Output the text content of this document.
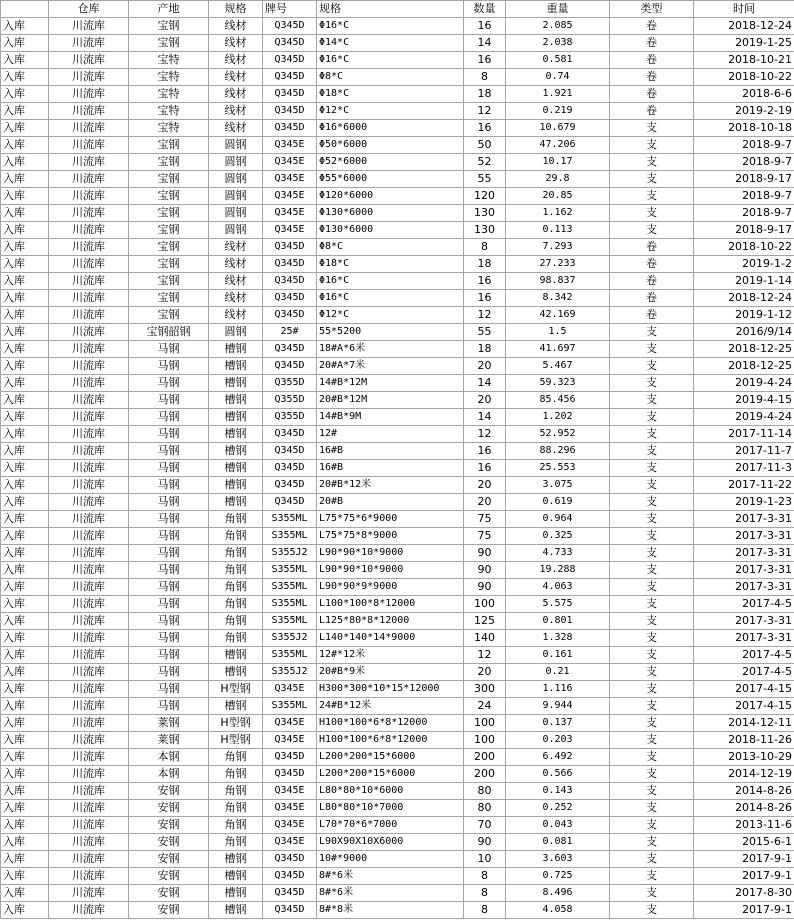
	仓库	产地	规格	牌号	规格	数量	重量	类型	时间
入库	川流库	宝钢	线材	Q345D	Φ16*C	16	2.085	卷	2018-12-24
入库	川流库	宝钢	线材	Q345D	Φ14*C	14	2.038	卷	2019-1-25
入库	川流库	宝特	线材	Q345D	Φ16*C	16	0.581	卷	2018-10-21
入库	川流库	宝特	线材	Q345D	Φ8*C	8	0.74	卷	2018-10-22
入库	川流库	宝特	线材	Q345D	Φ18*C	18	1.921	卷	2018-6-6
入库	川流库	宝特	线材	Q345D	Φ12*C	12	0.219	卷	2019-2-19
入库	川流库	宝特	线材	Q345D	Φ16*6000	16	10.679	支	2018-10-18
入库	川流库	宝钢	圆钢	Q345E	Φ50*6000	50	47.206	支	2018-9-7
入库	川流库	宝钢	圆钢	Q345E	Φ52*6000	52	10.17	支	2018-9-7
入库	川流库	宝钢	圆钢	Q345E	Φ55*6000	55	29.8	支	2018-9-17
入库	川流库	宝钢	圆钢	Q345E	Φ120*6000	120	20.85	支	2018-9-7
入库	川流库	宝钢	圆钢	Q345E	Φ130*6000	130	1.162	支	2018-9-7
入库	川流库	宝钢	圆钢	Q345E	Φ130*6000	130	0.113	支	2018-9-17
入库	川流库	宝钢	线材	Q345D	Φ8*C	8	7.293	卷	2018-10-22
入库	川流库	宝钢	线材	Q345D	Φ18*C	18	27.233	卷	2019-1-2
入库	川流库	宝钢	线材	Q345D	Φ16*C	16	98.837	卷	2019-1-14
入库	川流库	宝钢	线材	Q345D	Φ16*C	16	8.342	卷	2018-12-24
入库	川流库	宝钢	线材	Q345D	Φ12*C	12	42.169	卷	2019-1-12
入库	川流库	宝钢韶钢	圆钢	25#	55*5200	55	1.5	支	2016/9/14
入库	川流库	马钢	槽钢	Q345D	18#A*6米	18	41.697	支	2018-12-25
入库	川流库	马钢	槽钢	Q345D	20#A*7米	20	5.467	支	2018-12-25
入库	川流库	马钢	槽钢	Q355D	14#B*12M	14	59.323	支	2019-4-24
入库	川流库	马钢	槽钢	Q355D	20#B*12M	20	85.456	支	2019-4-15
入库	川流库	马钢	槽钢	Q355D	14#B*9M	14	1.202	支	2019-4-24
入库	川流库	马钢	槽钢	Q345D	12#	12	52.952	支	2017-11-14
入库	川流库	马钢	槽钢	Q345D	16#B	16	88.296	支	2017-11-7
入库	川流库	马钢	槽钢	Q345D	16#B	16	25.553	支	2017-11-3
入库	川流库	马钢	槽钢	Q345D	20#B*12米	20	3.075	支	2017-11-22
入库	川流库	马钢	槽钢	Q345D	20#B	20	0.619	支	2019-1-23
入库	川流库	马钢	角钢	S355ML	L75*75*6*9000	75	0.964	支	2017-3-31
入库	川流库	马钢	角钢	S355ML	L75*75*8*9000	75	0.325	支	2017-3-31
入库	川流库	马钢	角钢	S355J2	L90*90*10*9000	90	4.733	支	2017-3-31
入库	川流库	马钢	角钢	S355ML	L90*90*10*9000	90	19.288	支	2017-3-31
入库	川流库	马钢	角钢	S355ML	L90*90*9*9000	90	4.063	支	2017-3-31
入库	川流库	马钢	角钢	S355ML	L100*100*8*12000	100	5.575	支	2017-4-5
入库	川流库	马钢	角钢	S355ML	L125*80*8*12000	125	0.801	支	2017-3-31
入库	川流库	马钢	角钢	S355J2	L140*140*14*9000	140	1.328	支	2017-3-31
入库	川流库	马钢	槽钢	S355ML	12#*12米	12	0.161	支	2017-4-5
入库	川流库	马钢	槽钢	S355J2	20#B*9米	20	0.21	支	2017-4-5
入库	川流库	马钢	H型钢	Q345E	H300*300*10*15*12000	300	1.116	支	2017-4-15
入库	川流库	马钢	槽钢	S355ML	24#B*12米	24	9.944	支	2017-4-15
入库	川流库	莱钢	H型钢	Q345E	H100*100*6*8*12000	100	0.137	支	2014-12-11
入库	川流库	莱钢	H型钢	Q345E	H100*100*6*8*12000	100	0.203	支	2018-11-26
入库	川流库	本钢	角钢	Q345D	L200*200*15*6000	200	6.492	支	2013-10-29
入库	川流库	本钢	角钢	Q345D	L200*200*15*6000	200	0.566	支	2014-12-19
入库	川流库	安钢	角钢	Q345E	L80*80*10*6000	80	0.143	支	2014-8-26
入库	川流库	安钢	角钢	Q345E	L80*80*10*7000	80	0.252	支	2014-8-26
入库	川流库	安钢	角钢	Q345E	L70*70*6*7000	70	0.043	支	2013-11-6
入库	川流库	安钢	角钢	Q345E	L90X90X10X6000	90	0.081	支	2015-6-1
入库	川流库	安钢	槽钢	Q345D	10#*9000	10	3.603	支	2017-9-1
入库	川流库	安钢	槽钢	Q345D	8#*6米	8	0.725	支	2017-9-1
入库	川流库	安钢	槽钢	Q345D	8#*6米	8	8.496	支	2017-8-30
入库	川流库	安钢	槽钢	Q345D	8#*8米	8	4.058	支	2017-9-1
